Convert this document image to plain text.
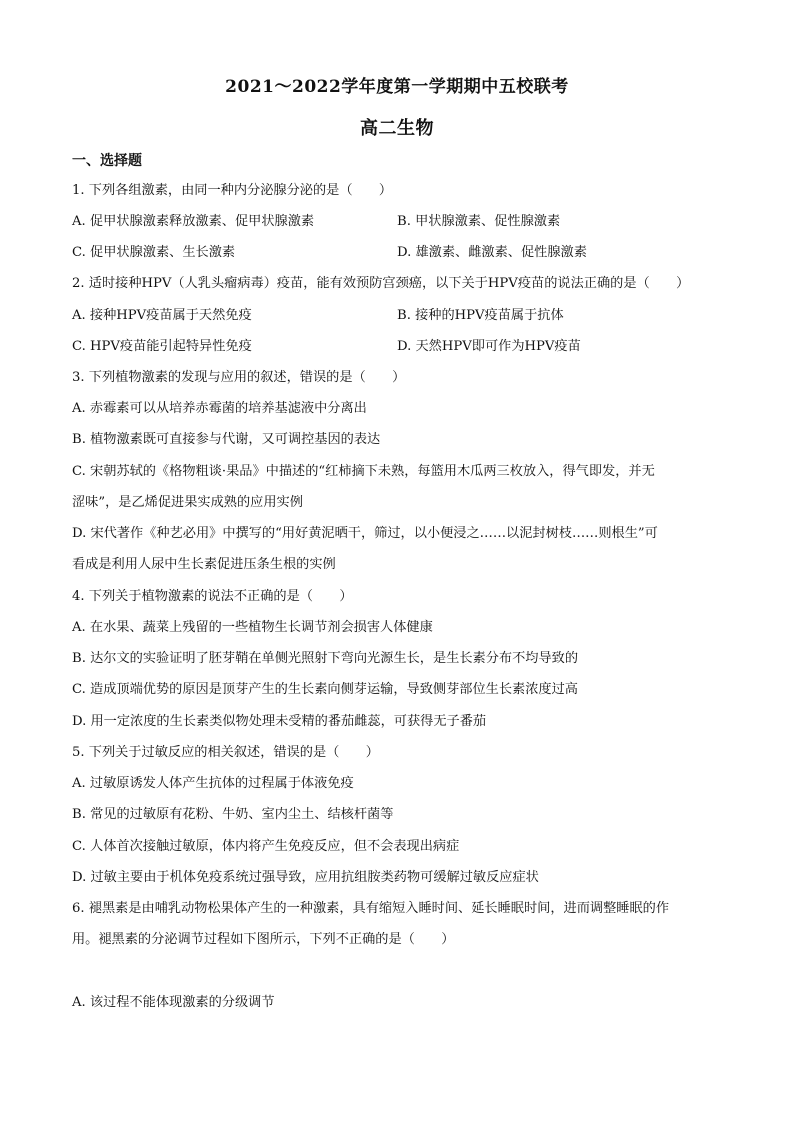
2021～2022学年度第一学期期中五校联考
高二生物
一、选择题
1. 下列各组激素，由同一种内分泌腺分泌的是（　　）
A. 促甲状腺激素释放激素、促甲状腺激素	B. 甲状腺激素、促性腺激素
C. 促甲状腺激素、生长激素	D. 雄激素、雌激素、促性腺激素
2. 适时接种HPV（人乳头瘤病毒）疫苗，能有效预防宫颈癌，以下关于HPV疫苗的说法正确的是（　　）
A. 接种HPV疫苗属于天然免疫	B. 接种的HPV疫苗属于抗体
C. HPV疫苗能引起特异性免疫	D. 天然HPV即可作为HPV疫苗
3. 下列植物激素的发现与应用的叙述，错误的是（　　）
A. 赤霉素可以从培养赤霉菌的培养基滤液中分离出
B. 植物激素既可直接参与代谢，又可调控基因的表达
C. 宋朝苏轼的《格物粗谈·果品》中描述的“红柿摘下未熟，每篮用木瓜两三枚放入，得气即发，并无
涩味”，是乙烯促进果实成熟的应用实例
D. 宋代著作《种艺必用》中撰写的“用好黄泥晒干，筛过，以小便浸之……以泥封树枝……则根生”可
看成是利用人尿中生长素促进压条生根的实例
4. 下列关于植物激素的说法不正确的是（　　）
A. 在水果、蔬菜上残留的一些植物生长调节剂会损害人体健康
B. 达尔文的实验证明了胚芽鞘在单侧光照射下弯向光源生长，是生长素分布不均导致的
C. 造成顶端优势的原因是顶芽产生的生长素向侧芽运输，导致侧芽部位生长素浓度过高
D. 用一定浓度的生长素类似物处理未受精的番茄雌蕊，可获得无子番茄
5. 下列关于过敏反应的相关叙述，错误的是（　　）
A. 过敏原诱发人体产生抗体的过程属于体液免疫
B. 常见的过敏原有花粉、牛奶、室内尘土、结核杆菌等
C. 人体首次接触过敏原，体内将产生免疫反应，但不会表现出病症
D. 过敏主要由于机体免疫系统过强导致，应用抗组胺类药物可缓解过敏反应症状
6. 褪黑素是由哺乳动物松果体产生的一种激素，具有缩短入睡时间、延长睡眠时间，进而调整睡眠的作
用。褪黑素的分泌调节过程如下图所示，下列不正确的是（　　）
A. 该过程不能体现激素的分级调节
